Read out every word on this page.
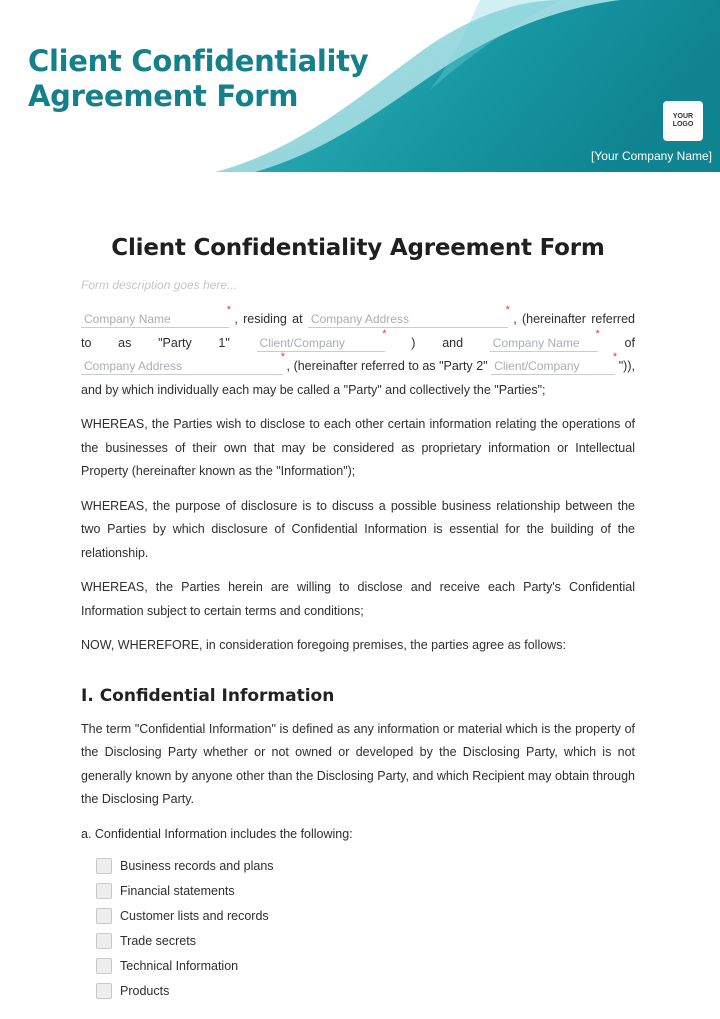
Client Confidentiality
Agreement Form
YOUR
LOGO
[Your Company Name]
Client Confidentiality Agreement Form

Form description goes here...

Company Name *	, residing at Company Address *	, (hereinafter referred to as "Party 1" Client/Company *	) and Company Name *	of Company Address *	, (hereinafter referred to as "Party 2" Client/Company *	")), and by which individually each may be called a "Party" and collectively the "Parties";

WHEREAS, the Parties wish to disclose to each other certain information relating the operations of the businesses of their own that may be considered as proprietary information or Intellectual Property (hereinafter known as the "Information");

WHEREAS, the purpose of disclosure is to discuss a possible business relationship between the two Parties by which disclosure of Confidential Information is essential for the building of the relationship.

WHEREAS, the Parties herein are willing to disclose and receive each Party's Confidential Information subject to certain terms and conditions;

NOW, WHEREFORE, in consideration foregoing premises, the parties agree as follows:

I. Confidential Information

The term "Confidential Information" is defined as any information or material which is the property of the Disclosing Party whether or not owned or developed by the Disclosing Party, which is not generally known by anyone other than the Disclosing Party, and which Recipient may obtain through the Disclosing Party.

a. Confidential Information includes the following:

Business records and plans
Financial statements
Customer lists and records
Trade secrets
Technical Information
Products
